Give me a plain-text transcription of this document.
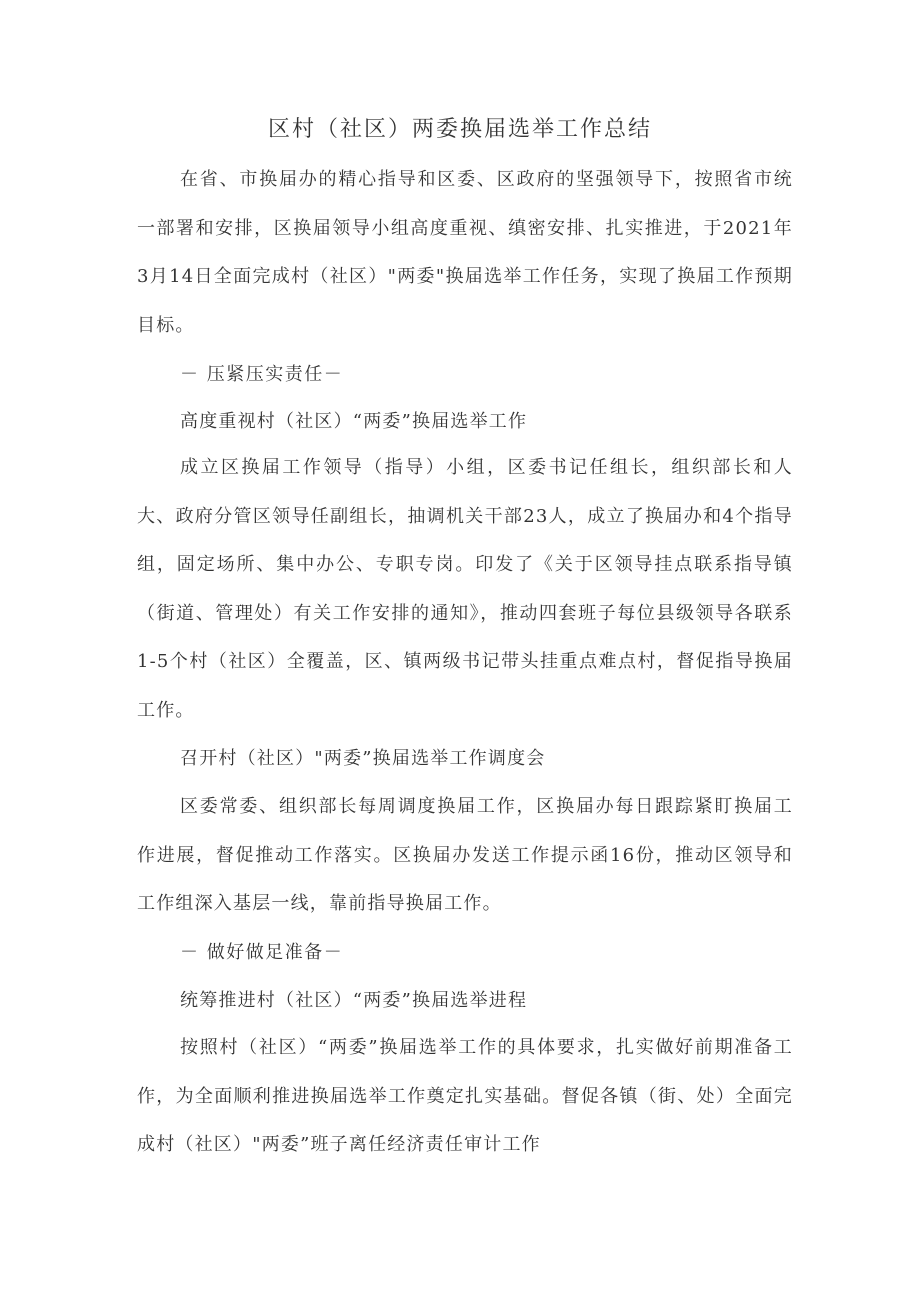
区村（社区）两委换届选举工作总结

在省、市换届办的精心指导和区委、区政府的坚强领导下，按照省市统一部署和安排，区换届领导小组高度重视、缜密安排、扎实推进，于2021年3月14日全面完成村（社区）"两委"换届选举工作任务，实现了换届工作预期目标。

－ 压紧压实责任－

高度重视村（社区）“两委”换届选举工作

成立区换届工作领导（指导）小组，区委书记任组长，组织部长和人大、政府分管区领导任副组长，抽调机关干部23人，成立了换届办和4个指导组，固定场所、集中办公、专职专岗。印发了《关于区领导挂点联系指导镇（街道、管理处）有关工作安排的通知》，推动四套班子每位县级领导各联系1-5个村（社区）全覆盖，区、镇两级书记带头挂重点难点村，督促指导换届工作。

召开村（社区）"两委”换届选举工作调度会

区委常委、组织部长每周调度换届工作，区换届办每日跟踪紧盯换届工作进展，督促推动工作落实。区换届办发送工作提示函16份，推动区领导和工作组深入基层一线，靠前指导换届工作。

－ 做好做足准备－

统筹推进村（社区）“两委”换届选举进程

按照村（社区）“两委”换届选举工作的具体要求，扎实做好前期准备工作，为全面顺利推进换届选举工作奠定扎实基础。督促各镇（街、处）全面完成村（社区）"两委”班子离任经济责任审计工作
